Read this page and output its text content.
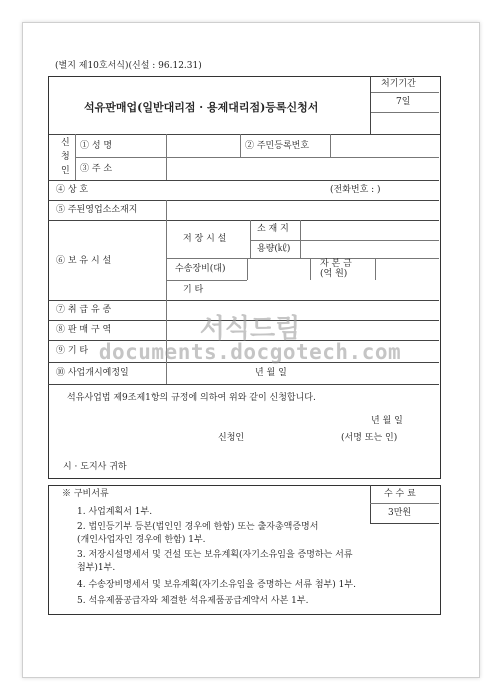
(별지 제10호서식)(신설 : 96.12.31)
석유판매업(일반대리점 · 용제대리점)등록신청서
처기기간
7일
신
청
인
① 성 명	② 주민등록번호
③ 주 소
④ 상 호	(전화번호 : )
⑤ 주된영업소소재지
⑥ 보 유 시 설
저 장 시 설
소 재 지
용량(㎘)
수송장비(대)	자 본 금
(억 원)
기 타
⑦ 취 급 유 종
⑧ 판 매 구 역
⑨ 기 타
⑩ 사업개시예정일	년 월 일
석유사업법 제9조제1항의 규정에 의하여 위와 같이 신청합니다.
년 월 일
신청인	(서명 또는 인)
시 · 도지사 귀하
수 수 료
3만원
※ 구비서류
1. 사업계획서 1부.
2. 법인등기부 등본(법인인 경우에 한함) 또는 출자총액증명서
(개인사업자인 경우에 한함) 1부.
3. 저장시설명세서 및 건설 또는 보유계획(자기소유임을 증명하는 서류
첨부)1부.
4. 수송장비명세서 및 보유계획(자기소유임을 증명하는 서류 첨부) 1부.
5. 석유제품공급자와 체결한 석유제품공급계약서 사본 1부.
서식드림
documents.docgotech.com
